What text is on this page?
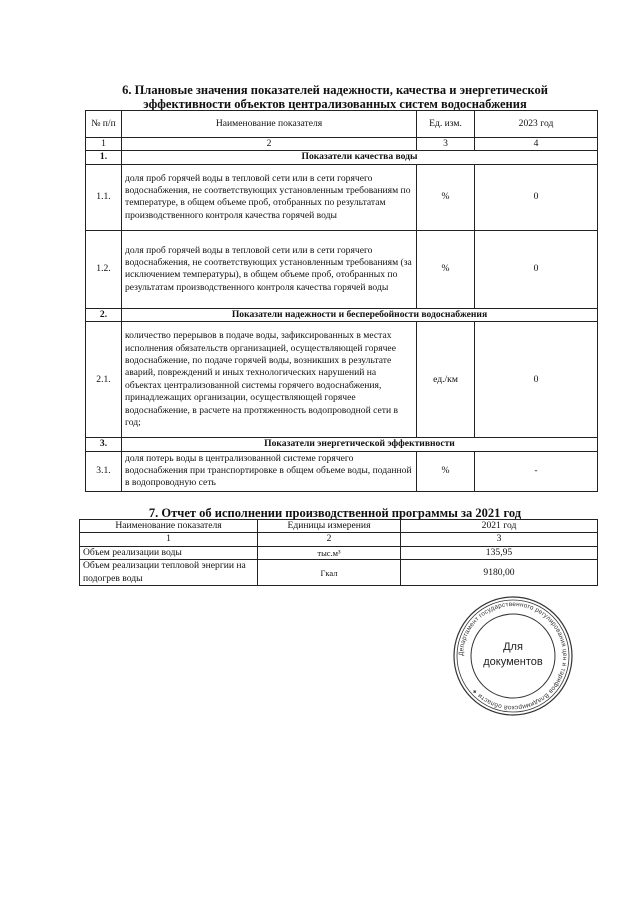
6. Плановые значения показателей надежности, качества и энергетической
эффективности объектов централизованных систем водоснабжения
№ п/п	Наименование показателя	Ед. изм.	2023 год
1	2	3	4
1.	Показатели качества воды		
1.1.	доля проб горячей воды в тепловой сети или в сети горячего водоснабжения, не соответствующих установленным требованиям по температуре, в общем объеме проб, отобранных по результатам производственного контроля качества горячей воды	%	0
1.2.	доля проб горячей воды в тепловой сети или в сети горячего водоснабжения, не соответствующих установленным требованиям (за исключением температуры), в общем объеме проб, отобранных по результатам производственного контроля качества горячей воды	%	0
2.	Показатели надежности и бесперебойности водоснабжения		
2.1.	количество перерывов в подаче воды, зафиксированных в местах исполнения обязательств организацией, осуществляющей горячее водоснабжение, по подаче горячей воды, возникших в результате аварий, повреждений и иных технологических нарушений на объектах централизованной системы горячего водоснабжения, принадлежащих организации, осуществляющей горячее водоснабжение, в расчете на протяженность водопроводной сети в год;	ед./км	0
3.	Показатели энергетической эффективности		
3.1.	доля потерь воды в централизованной системе горячего водоснабжения при транспортировке в общем объеме воды, поданной в водопроводную сеть	%	-
7. Отчет об исполнении производственной программы за 2021 год
Наименование показателя	Единицы измерения	2021 год
1	2	3
Объем реализации воды	тыс.м³	135,95
Объем реализации тепловой энергии на подогрев воды	Гкал	9180,00
Департамент государственного регулирования цен и тарифов Владимирской области ✦
Для
документов
